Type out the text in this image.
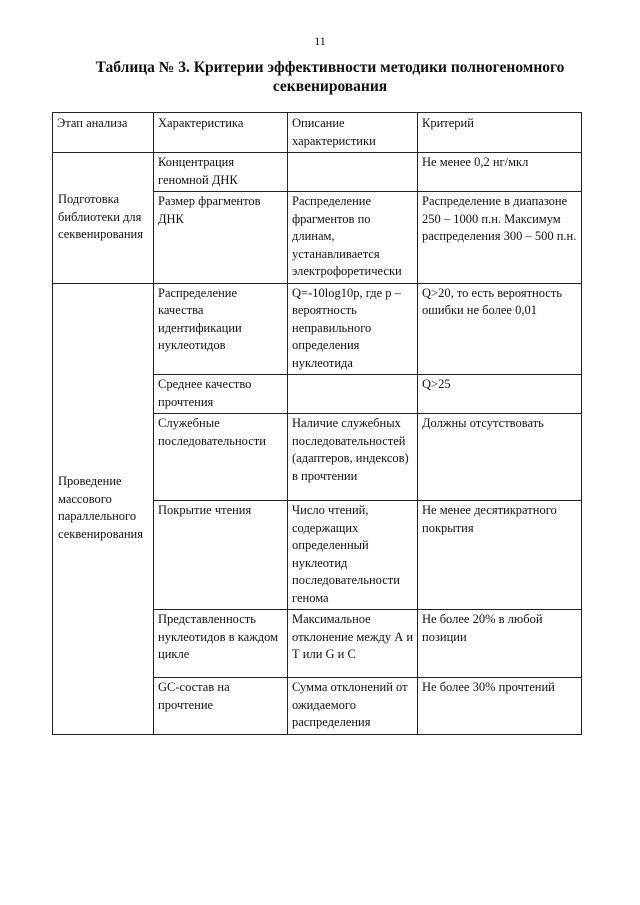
11
Таблица № 3. Критерии эффективности методики полногеномного
секвенирования
Этап анализа	Характеристика	Описание характеристики	Критерий
Подготовка библиотеки для секвенирования	Концентрация геномной ДНК		Не менее 0,2 нг/мкл
	Размер фрагментов ДНК	Распределение фрагментов по длинам, устанавливается электрофоретически	Распределение в диапазоне 250 – 1000 п.н. Максимум распределения 300 – 500 п.н.
Проведение массового параллельного секвенирования	Распределение качества идентификации нуклеотидов	Q=-10log10p, где р – вероятность неправильного определения нуклеотида	Q>20, то есть вероятность ошибки не более 0,01
	Среднее качество прочтения		Q>25
	Служебные последовательности	Наличие служебных последовательностей (адаптеров, индексов) в прочтении	Должны отсутствовать
	Покрытие чтения	Число чтений, содержащих определенный нуклеотид последовательности генома	Не менее десятикратного покрытия
	Представленность нуклеотидов в каждом цикле	Максимальное отклонение между А и Т или G и С	Не более 20% в любой позиции
	GC-состав на прочтение	Сумма отклонений от ожидаемого распределения	Не более 30% прочтений
